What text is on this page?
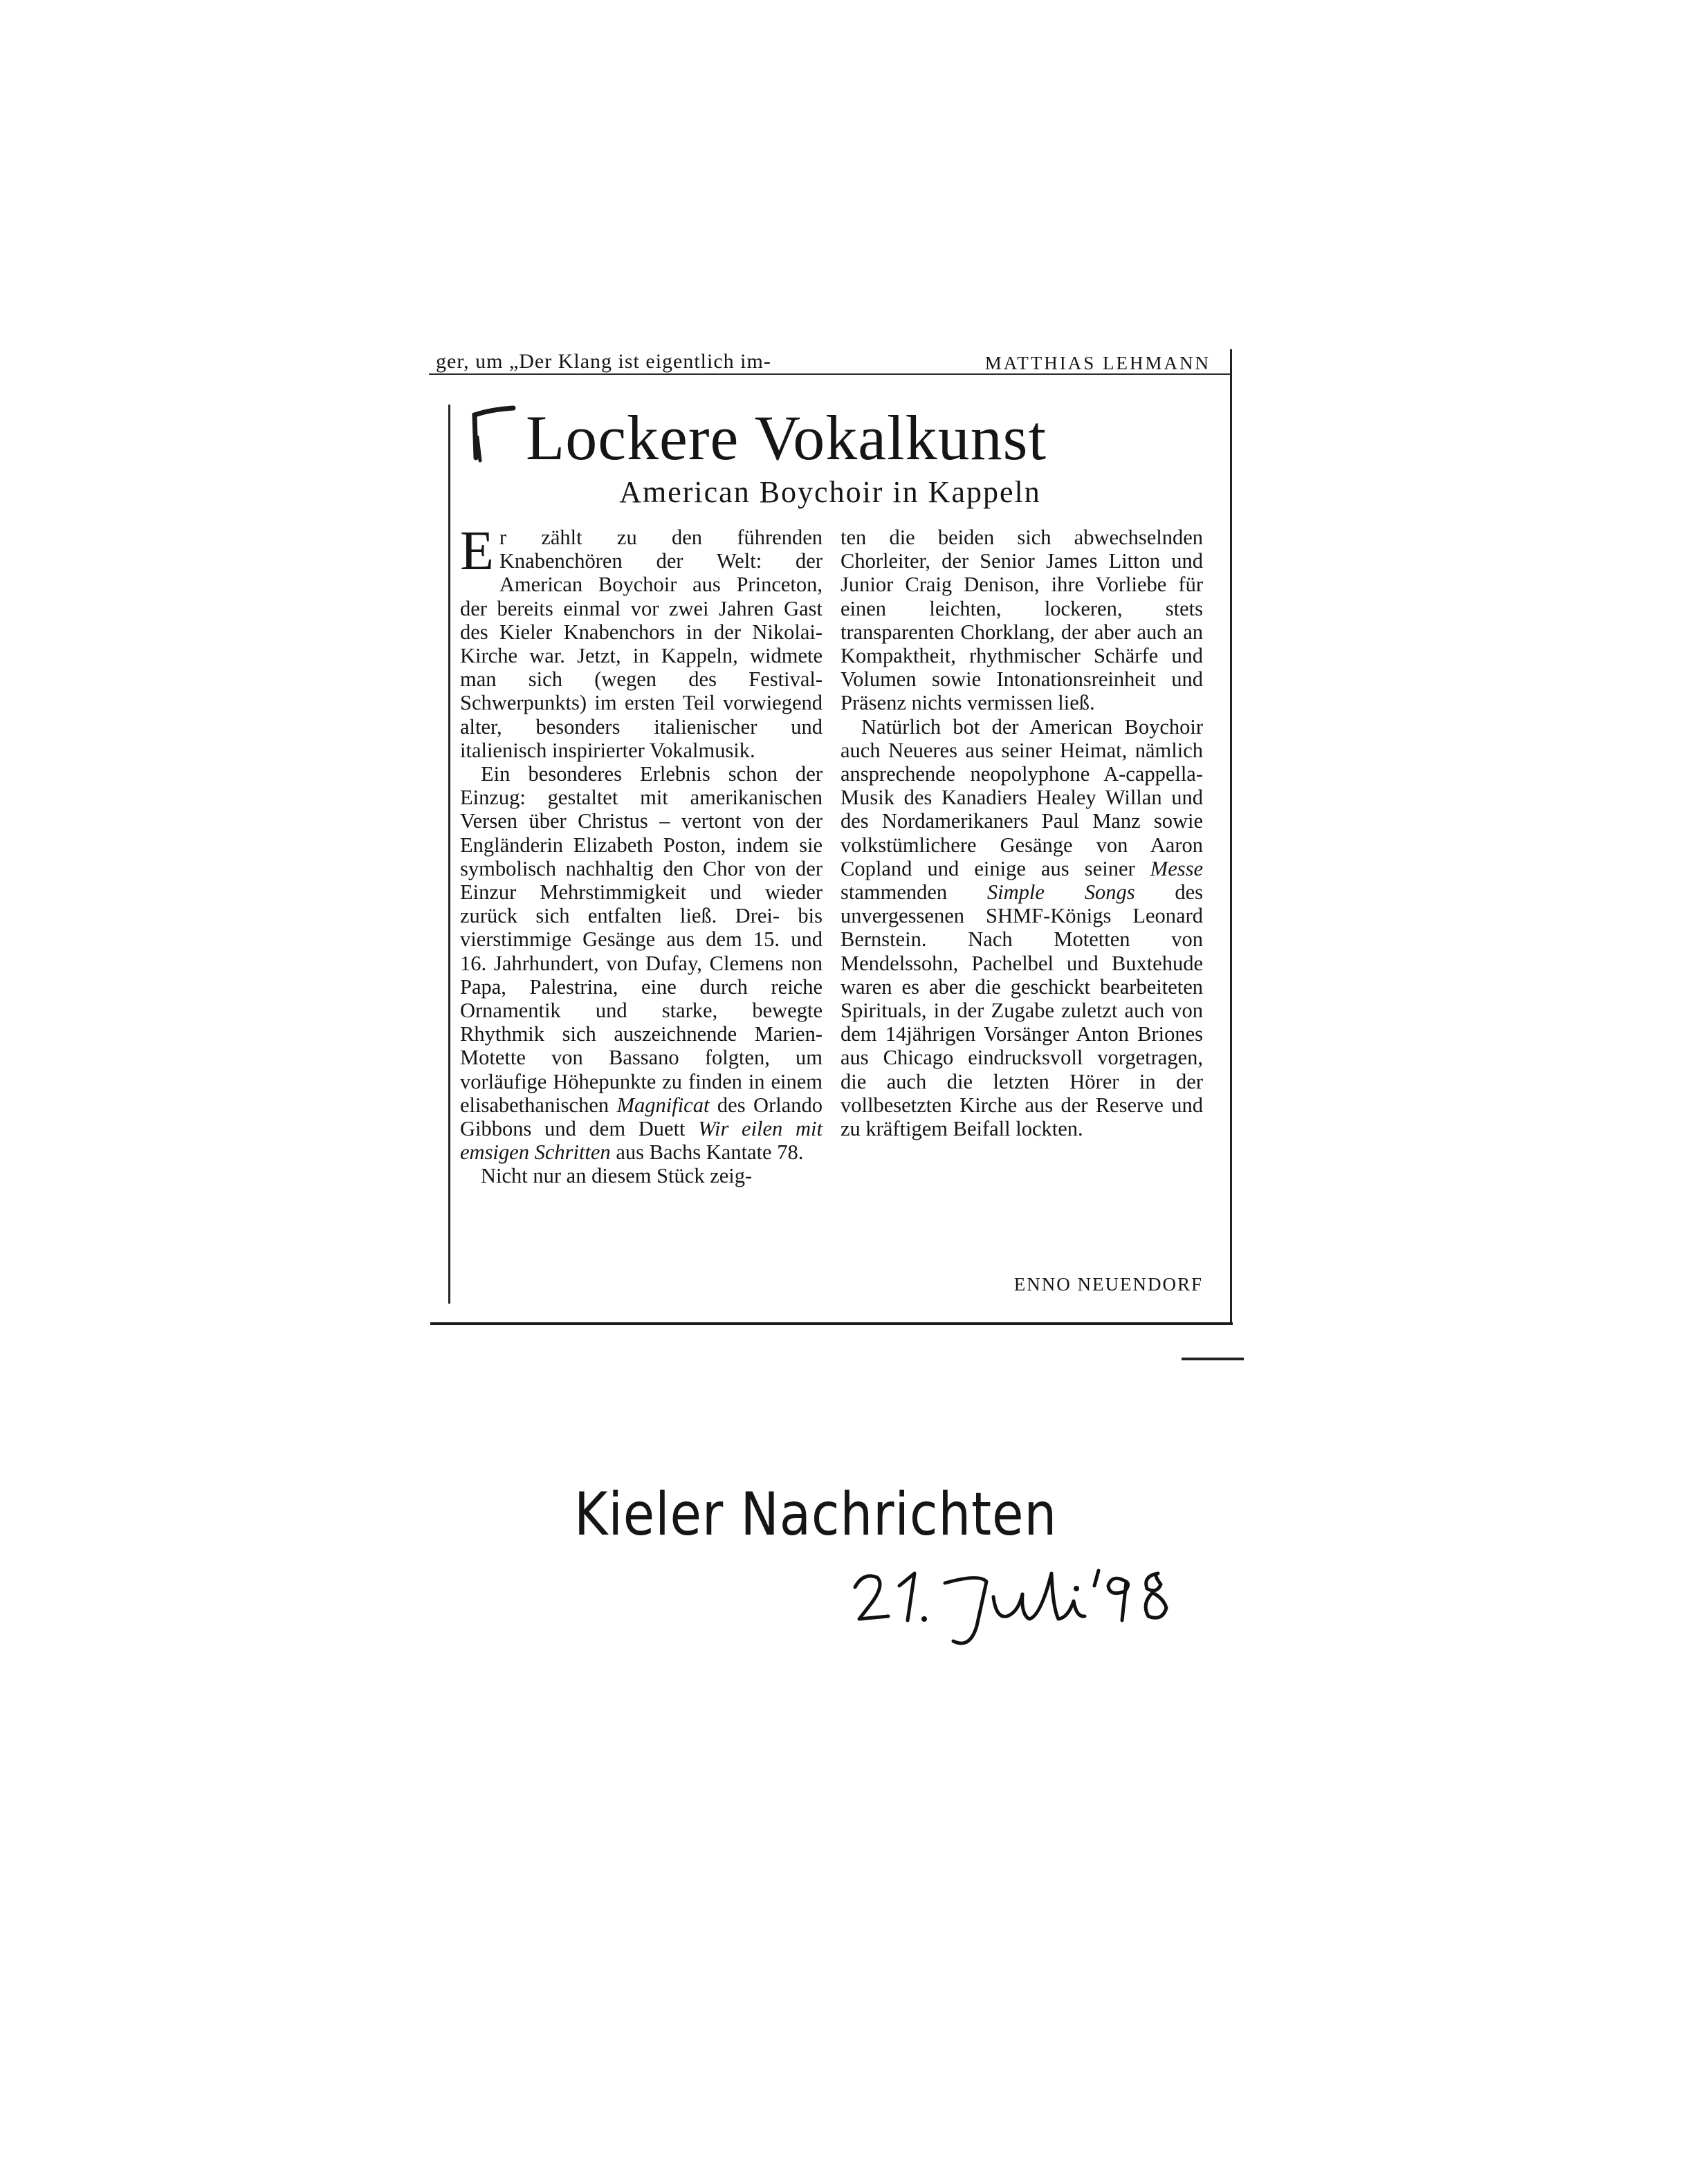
ger, um „Der Klang ist eigentlich im-	MATTHIAS LEHMANN
Lockere Vokalkunst
American Boychoir in Kappeln

Er zählt zu den führenden Knabenchören der Welt: der American Boychoir aus Princeton, der bereits einmal vor zwei Jahren Gast des Kieler Knabenchors in der Nikolai-Kirche war. Jetzt, in Kappeln, widmete man sich (wegen des Festival-Schwerpunkts) im ersten Teil vorwiegend alter, besonders italienischer und italienisch inspirierter Vokalmusik.

Ein besonderes Erlebnis schon der Einzug: gestaltet mit amerikanischen Versen über Christus – vertont von der Engländerin Elizabeth Poston, indem sie symbolisch nachhaltig den Chor von der Einzur Mehrstimmigkeit und wieder zurück sich entfalten ließ. Drei- bis vierstimmige Gesänge aus dem 15. und 16. Jahrhundert, von Dufay, Clemens non Papa, Palestrina, eine durch reiche Ornamentik und starke, bewegte Rhythmik sich auszeichnende Marien-Motette von Bassano folgten, um vorläufige Höhepunkte zu finden in einem elisabethanischen Magnificat des Orlando Gibbons und dem Duett Wir eilen mit emsigen Schritten aus Bachs Kantate 78.

Nicht nur an diesem Stück zeig-

ten die beiden sich abwechselnden Chorleiter, der Senior James Litton und Junior Craig Denison, ihre Vorliebe für einen leichten, lockeren, stets transparenten Chorklang, der aber auch an Kompaktheit, rhythmischer Schärfe und Volumen sowie Intonationsreinheit und Präsenz nichts vermissen ließ.

Natürlich bot der American Boychoir auch Neueres aus seiner Heimat, nämlich ansprechende neopolyphone A-cappella-Musik des Kanadiers Healey Willan und des Nordamerikaners Paul Manz sowie volkstümlichere Gesänge von Aaron Copland und einige aus seiner Messe stammenden Simple Songs des unvergessenen SHMF-Königs Leonard Bernstein. Nach Motetten von Mendelssohn, Pachelbel und Buxtehude waren es aber die geschickt bearbeiteten Spirituals, in der Zugabe zuletzt auch von dem 14jährigen Vorsänger Anton Briones aus Chicago eindrucksvoll vorgetragen, die auch die letzten Hörer in der vollbesetzten Kirche aus der Reserve und zu kräftigem Beifall lockten.

ENNO NEUENDORF
Kieler Nachrichten
